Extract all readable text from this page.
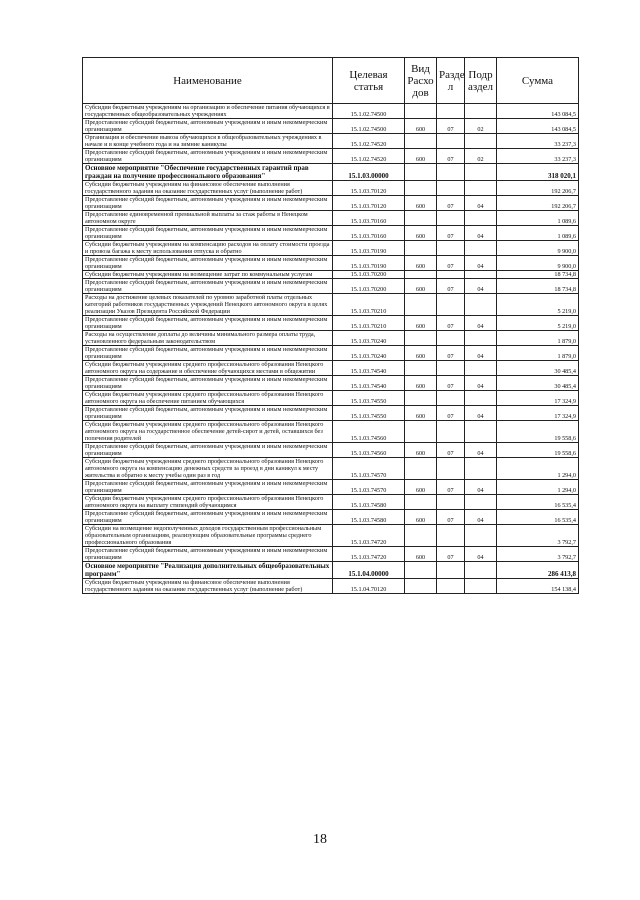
Наименование	Целевая статья	Вид Расхо дов	Разде л	Подр аздел	Сумма
Субсидии бюджетным учреждениям на организацию и обеспечение питания обучающихся в государственных общеобразовательных учреждениях	15.1.02.74500				143 084,5
Предоставление субсидий бюджетным, автономным учреждениям и иным некоммерческим организациям	15.1.02.74500	600	07	02	143 084,5
Организация и обеспечение вывоза обучающихся в общеобразовательных учреждениях в начале и в конце учебного года и на зимние каникулы	15.1.02.74520				33 237,3
Предоставление субсидий бюджетным, автономным учреждениям и иным некоммерческим организациям	15.1.02.74520	600	07	02	33 237,3
Основное мероприятие "Обеспечение государственных гарантий прав граждан на получение профессионального образования"	15.1.03.00000				318 020,1
Субсидии бюджетным учреждениям на финансовое обеспечение выполнения государственного задания на оказание государственных услуг (выполнение работ)	15.1.03.70120				192 206,7
Предоставление субсидий бюджетным, автономным учреждениям и иным некоммерческим организациям	15.1.03.70120	600	07	04	192 206,7
Предоставление единовременной премиальной выплаты за стаж работы в Ненецком автономном округе	15.1.03.70160				1 089,6
Предоставление субсидий бюджетным, автономным учреждениям и иным некоммерческим организациям	15.1.03.70160	600	07	04	1 089,6
Субсидии бюджетным учреждениям на компенсацию расходов на оплату стоимости проезда и провоза багажа к месту использования отпуска и обратно	15.1.03.70190				9 900,0
Предоставление субсидий бюджетным, автономным учреждениям и иным некоммерческим организациям	15.1.03.70190	600	07	04	9 900,0
Субсидии бюджетным учреждениям на возмещение затрат по коммунальным услугам	15.1.03.70200				18 734,8
Предоставление субсидий бюджетным, автономным учреждениям и иным некоммерческим организациям	15.1.03.70200	600	07	04	18 734,8
Расходы на достижение целевых показателей по уровню заработной платы отдельных категорий работников государственных учреждений Ненецкого автономного округа в целях реализации Указов Президента Российской Федерации	15.1.03.70210				5 219,0
Предоставление субсидий бюджетным, автономным учреждениям и иным некоммерческим организациям	15.1.03.70210	600	07	04	5 219,0
Расходы на осуществление доплаты до величины минимального размера оплаты труда, установленного федеральным законодательством	15.1.03.70240				1 879,0
Предоставление субсидий бюджетным, автономным учреждениям и иным некоммерческим организациям	15.1.03.70240	600	07	04	1 879,0
Субсидии бюджетным учреждениям среднего профессионального образования Ненецкого автономного округа на содержание и обеспечение обучающихся местами в общежитии	15.1.03.74540				30 485,4
Предоставление субсидий бюджетным, автономным учреждениям и иным некоммерческим организациям	15.1.03.74540	600	07	04	30 485,4
Субсидии бюджетным учреждениям среднего профессионального образования Ненецкого автономного округа на обеспечение питанием обучающихся	15.1.03.74550				17 324,9
Предоставление субсидий бюджетным, автономным учреждениям и иным некоммерческим организациям	15.1.03.74550	600	07	04	17 324,9
Субсидии бюджетным учреждениям среднего профессионального образования Ненецкого автономного округа на государственное обеспечение детей-сирот и детей, оставшихся без попечения родителей	15.1.03.74560				19 558,6
Предоставление субсидий бюджетным, автономным учреждениям и иным некоммерческим организациям	15.1.03.74560	600	07	04	19 558,6
Субсидии бюджетным учреждениям среднего профессионального образования Ненецкого автономного округа на компенсацию денежных средств за проезд в дни каникул к месту жительства и обратно к месту учебы один раз в год	15.1.03.74570				1 294,0
Предоставление субсидий бюджетным, автономным учреждениям и иным некоммерческим организациям	15.1.03.74570	600	07	04	1 294,0
Субсидии бюджетным учреждениям среднего профессионального образования Ненецкого автономного округа на выплату стипендий обучающимся	15.1.03.74580				16 535,4
Предоставление субсидий бюджетным, автономным учреждениям и иным некоммерческим организациям	15.1.03.74580	600	07	04	16 535,4
Субсидии на возмещение недополученных доходов государственным профессиональным образовательным организациям, реализующим образовательные программы среднего профессионального образования	15.1.03.74720				3 792,7
Предоставление субсидий бюджетным, автономным учреждениям и иным некоммерческим организациям	15.1.03.74720	600	07	04	3 792,7
Основное мероприятие "Реализация дополнительных общеобразовательных программ"	15.1.04.00000				286 413,8
Субсидии бюджетным учреждениям на финансовое обеспечение выполнения государственного задания на оказание государственных услуг (выполнение работ)	15.1.04.70120				154 138,4
18
